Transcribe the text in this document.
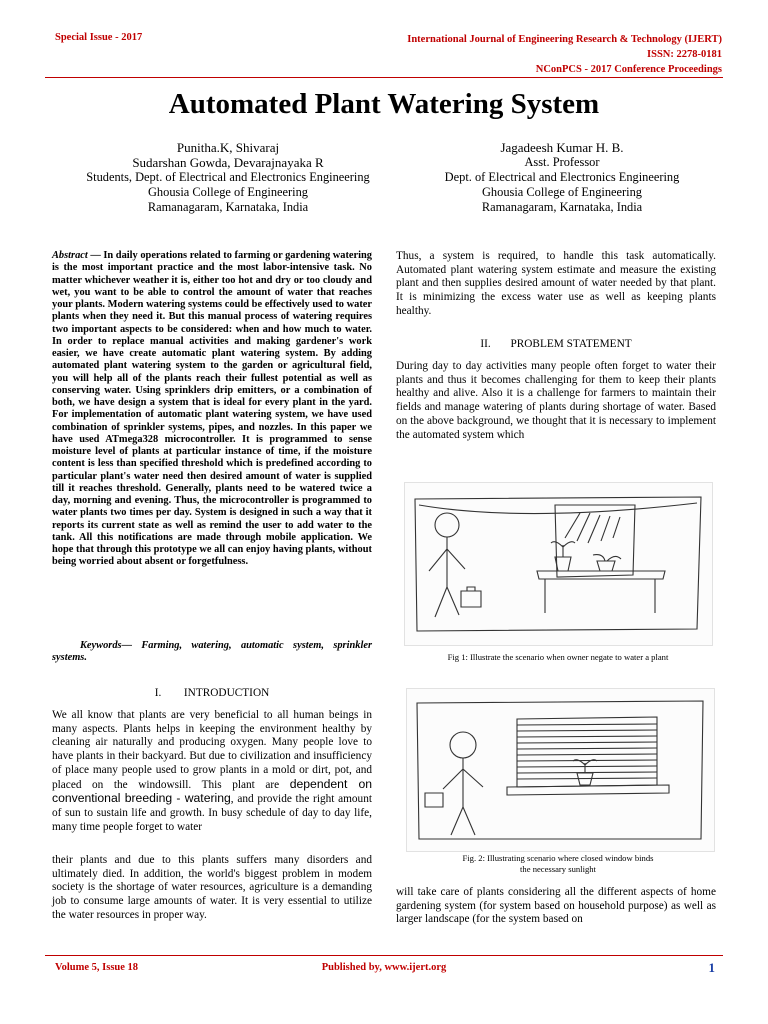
Special Issue - 2017	International Journal of Engineering Research & Technology (IJERT)
ISSN: 2278-0181
NConPCS - 2017 Conference Proceedings
Automated Plant Watering System
Punitha.K, Shivaraj
Sudarshan Gowda, Devarajnayaka R
Students, Dept. of Electrical and Electronics Engineering
Ghousia College of Engineering
Ramanagaram, Karnataka, India
Jagadeesh Kumar H. B.
Asst. Professor
Dept. of Electrical and Electronics Engineering
Ghousia College of Engineering
Ramanagaram, Karnataka, India
Abstract — In daily operations related to farming or gardening watering is the most important practice and the most labor-intensive task. No matter whichever weather it is, either too hot and dry or too cloudy and wet, you want to be able to control the amount of water that reaches your plants. Modern watering systems could be effectively used to water plants when they need it. But this manual process of watering requires two important aspects to be considered: when and how much to water. In order to replace manual activities and making gardener's work easier, we have create automatic plant watering system. By adding automated plant watering system to the garden or agricultural field, you will help all of the plants reach their fullest potential as well as conserving water. Using sprinklers drip emitters, or a combination of both, we have design a system that is ideal for every plant in the yard. For implementation of automatic plant watering system, we have used combination of sprinkler systems, pipes, and nozzles. In this paper we have used ATmega328 microcontroller. It is programmed to sense moisture level of plants at particular instance of time, if the moisture content is less than specified threshold which is predefined according to particular plant's water need then desired amount of water is supplied till it reaches threshold. Generally, plants need to be watered twice a day, morning and evening. Thus, the microcontroller is programmed to water plants two times per day. System is designed in such a way that it reports its current state as well as remind the user to add water to the tank. All this notifications are made through mobile application. We hope that through this prototype we all can enjoy having plants, without being worried about absent or forgetfulness.
Keywords— Farming, watering, automatic system, sprinkler systems.
I.        INTRODUCTION
We all know that plants are very beneficial to all human beings in many aspects. Plants helps in keeping the environment healthy by cleaning air naturally and producing oxygen. Many people love to have plants in their backyard. But due to civilization and insufficiency of place many people used to grow plants in a mold or dirt, pot, and placed on the windowsill. This plant are dependent on conventional breeding - watering, and provide the right amount of sun to sustain life and growth. In busy schedule of day to day life, many time people forget to water
their plants and due to this plants suffers many disorders and ultimately died. In addition, the world's biggest problem in modem society is the shortage of water resources, agriculture is a demanding job to consume large amounts of water. It is very essential to utilize the water resources in proper way.
Thus, a system is required, to handle this task automatically. Automated plant watering system estimate and measure the existing plant and then supplies desired amount of water needed by that plant. It is minimizing the excess water use as well as keeping plants healthy.
II.       PROBLEM STATEMENT
During day to day activities many people often forget to water their plants and thus it becomes challenging for them to keep their plants healthy and alive. Also it is a challenge for farmers to maintain their fields and manage watering of plants during shortage of water. Based on the above background, we thought that it is necessary to implement the automated system which
Fig 1: Illustrate the scenario when owner negate to water a plant
Fig. 2: Illustrating scenario where closed window binds
the necessary sunlight
will take care of plants considering all the different aspects of home gardening system (for system based on household purpose) as well as larger landscape (for the system based on
Volume 5, Issue 18	Published by, www.ijert.org	1
